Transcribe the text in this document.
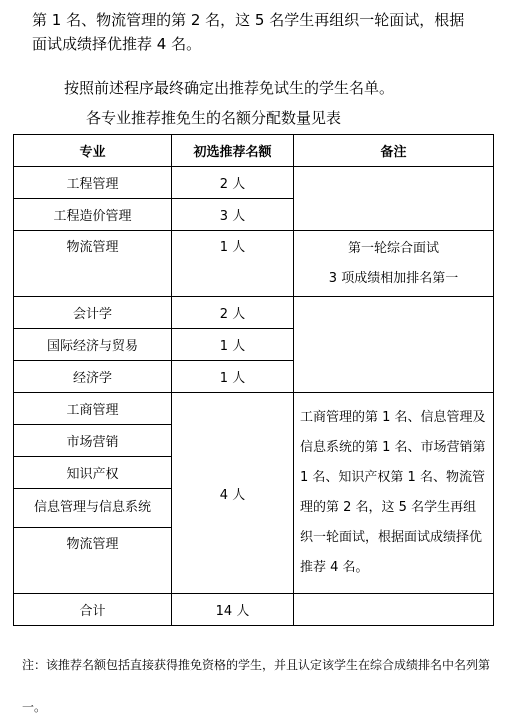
第 1 名、物流管理的第 2 名，这 5 名学生再组织一轮面试，根据
面试成绩择优推荐 4 名。
按照前述程序最终确定出推荐免试生的学生名单。
各专业推荐推免生的名额分配数量见表
专业	初选推荐名额	备注
工程管理	2 人	
工程造价管理	3 人	
物流管理	1 人	第一轮综合面试
3 项成绩相加排名第一

会计学	2 人	
国际经济与贸易	1 人	
经济学	1 人	
工商管理	4 人	工商管理的第 1 名、信息管理及信息系统的第 1 名、市场营销第 1 名、知识产权第 1 名、物流管理的第 2 名，这 5 名学生再组织一轮面试，根据面试成绩择优推荐 4 名。
市场营销		
知识产权		
信息管理与信息系统		
物流管理		
合计	14 人	
注：该推荐名额包括直接获得推免资格的学生，并且认定该学生在综合成绩排名中名列第一。
